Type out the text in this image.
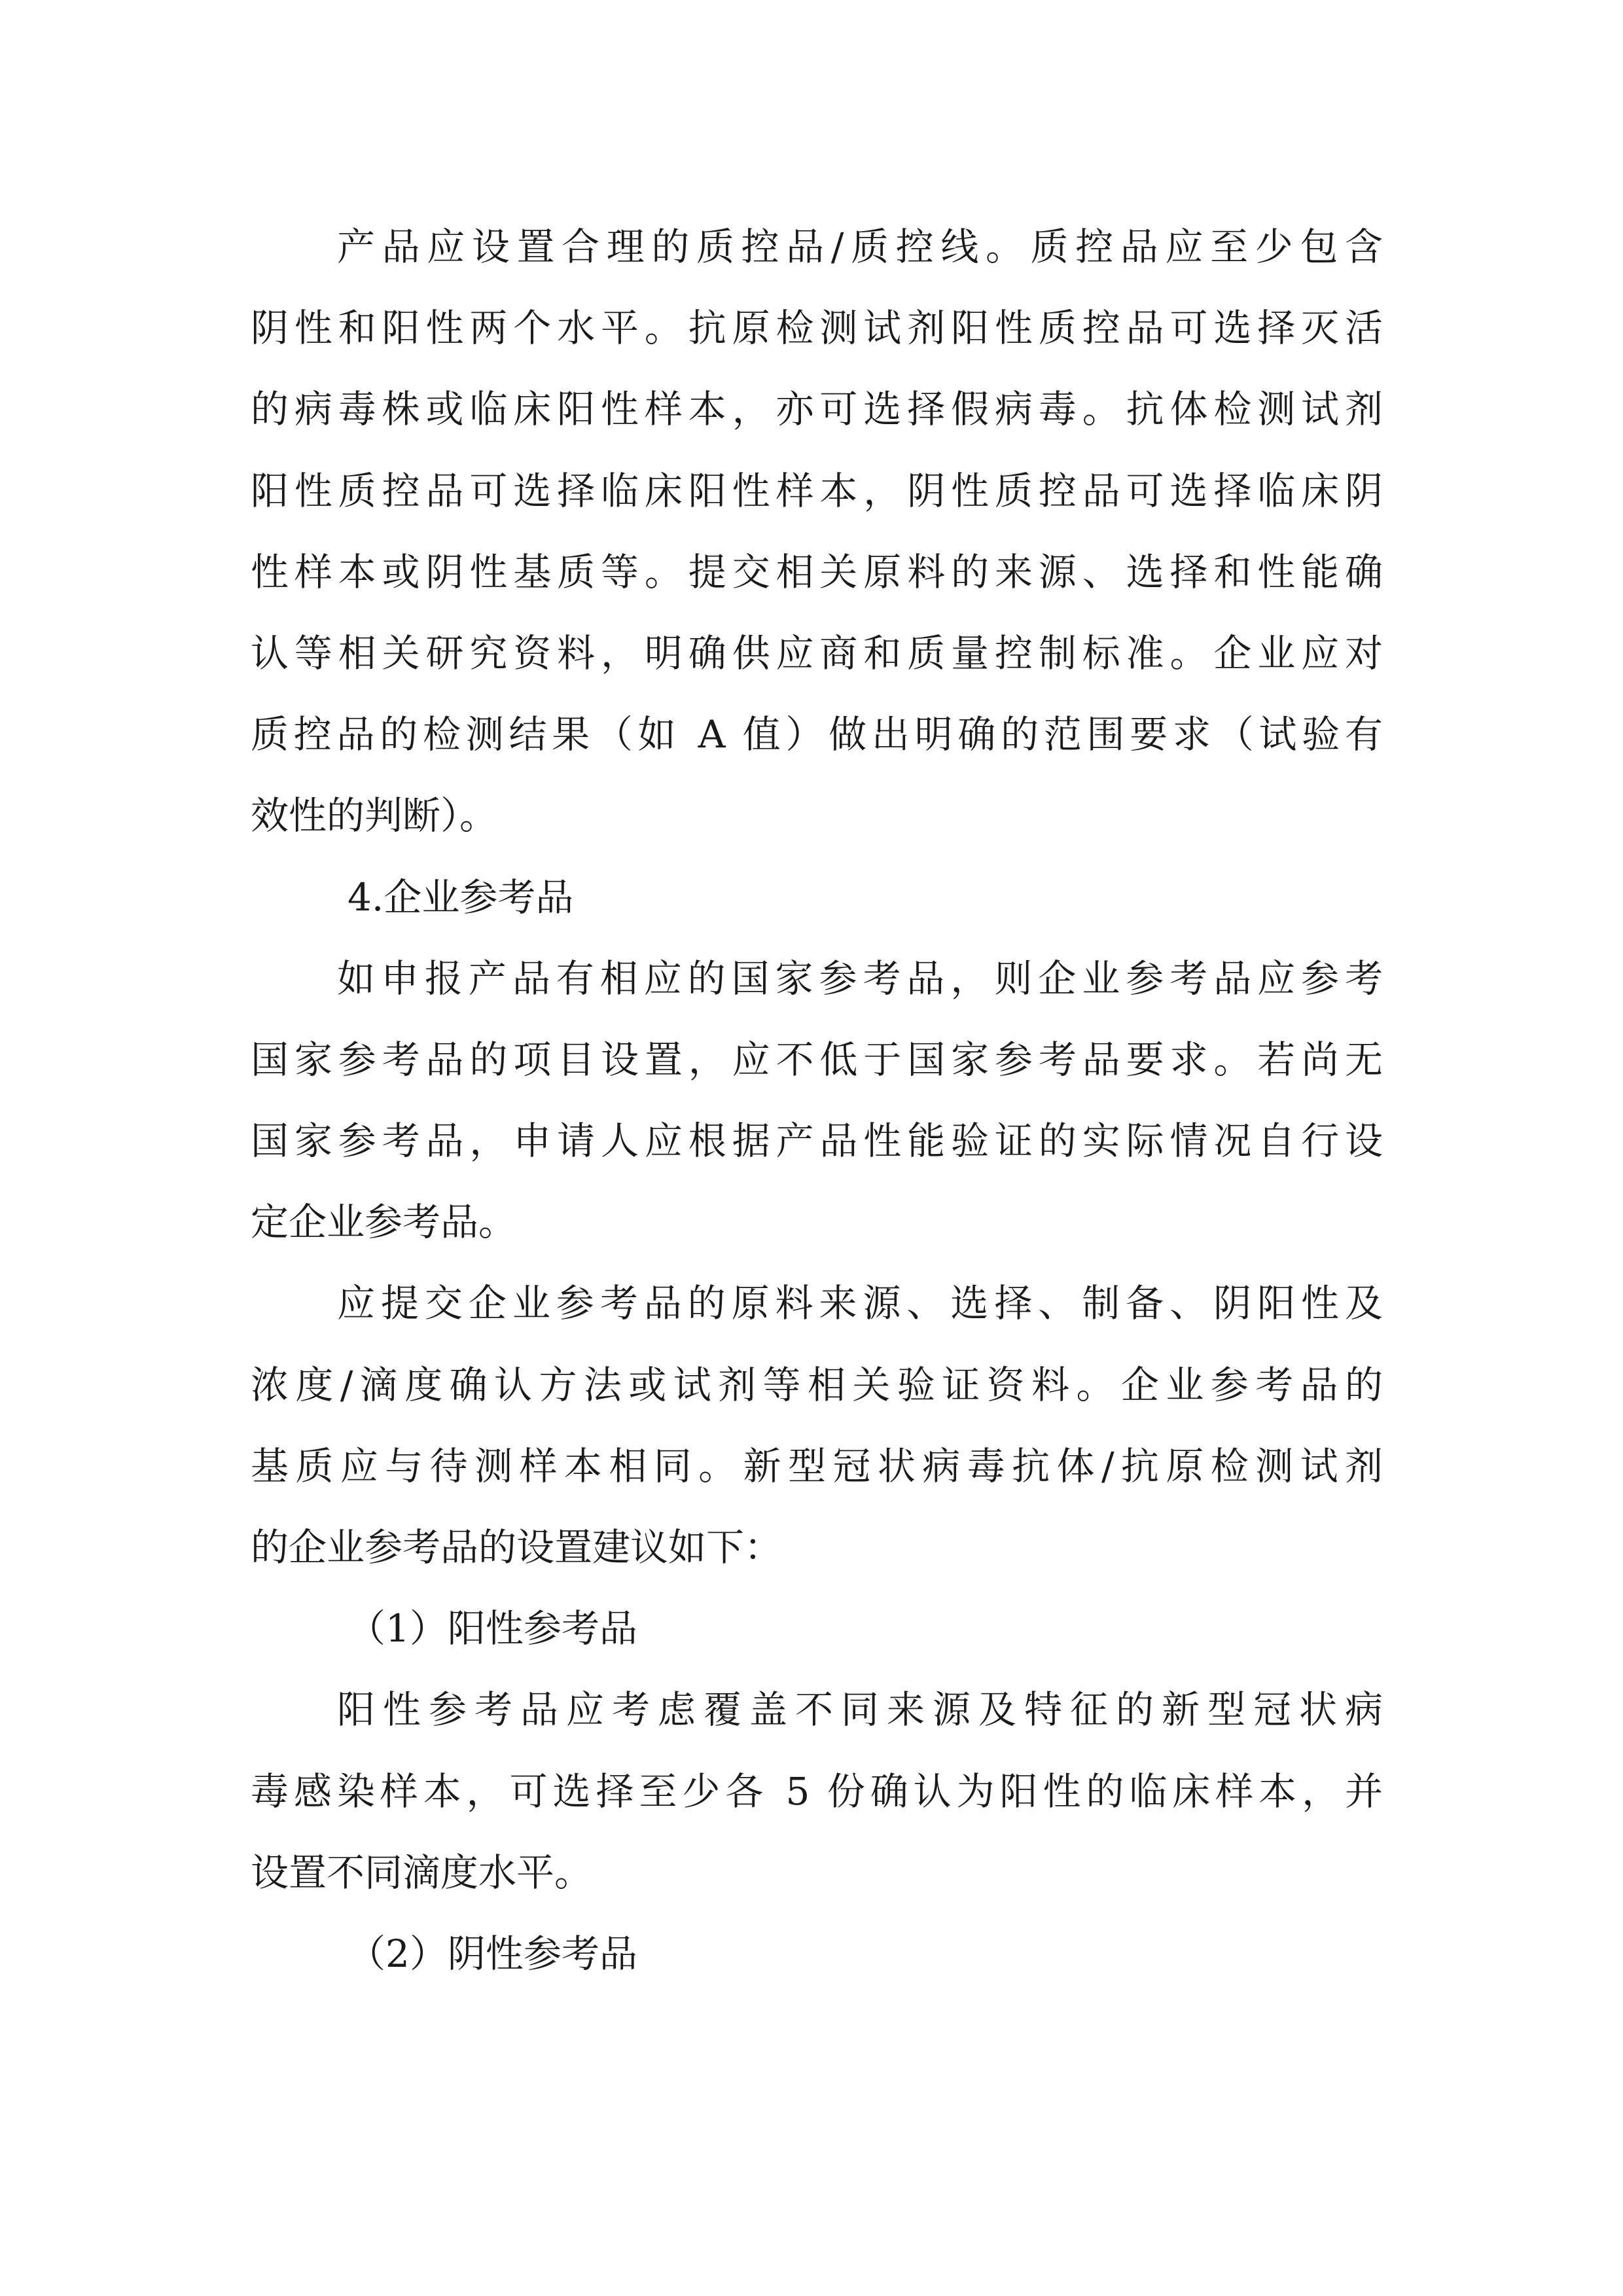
产品应设置合理的质控品/质控线。质控品应至少包含
阴性和阳性两个水平。抗原检测试剂阳性质控品可选择灭活
的病毒株或临床阳性样本，亦可选择假病毒。抗体检测试剂
阳性质控品可选择临床阳性样本，阴性质控品可选择临床阴
性样本或阴性基质等。提交相关原料的来源、选择和性能确
认等相关研究资料，明确供应商和质量控制标准。企业应对
质控品的检测结果（如 A 值）做出明确的范围要求（试验有
效性的判断）。
4.企业参考品
如申报产品有相应的国家参考品，则企业参考品应参考
国家参考品的项目设置，应不低于国家参考品要求。若尚无
国家参考品，申请人应根据产品性能验证的实际情况自行设
定企业参考品。
应提交企业参考品的原料来源、选择、制备、阴阳性及
浓度/滴度确认方法或试剂等相关验证资料。企业参考品的
基质应与待测样本相同。新型冠状病毒抗体/抗原检测试剂
的企业参考品的设置建议如下：
（1）阳性参考品
阳性参考品应考虑覆盖不同来源及特征的新型冠状病
毒感染样本，可选择至少各 5 份确认为阳性的临床样本，并
设置不同滴度水平。
（2）阴性参考品
